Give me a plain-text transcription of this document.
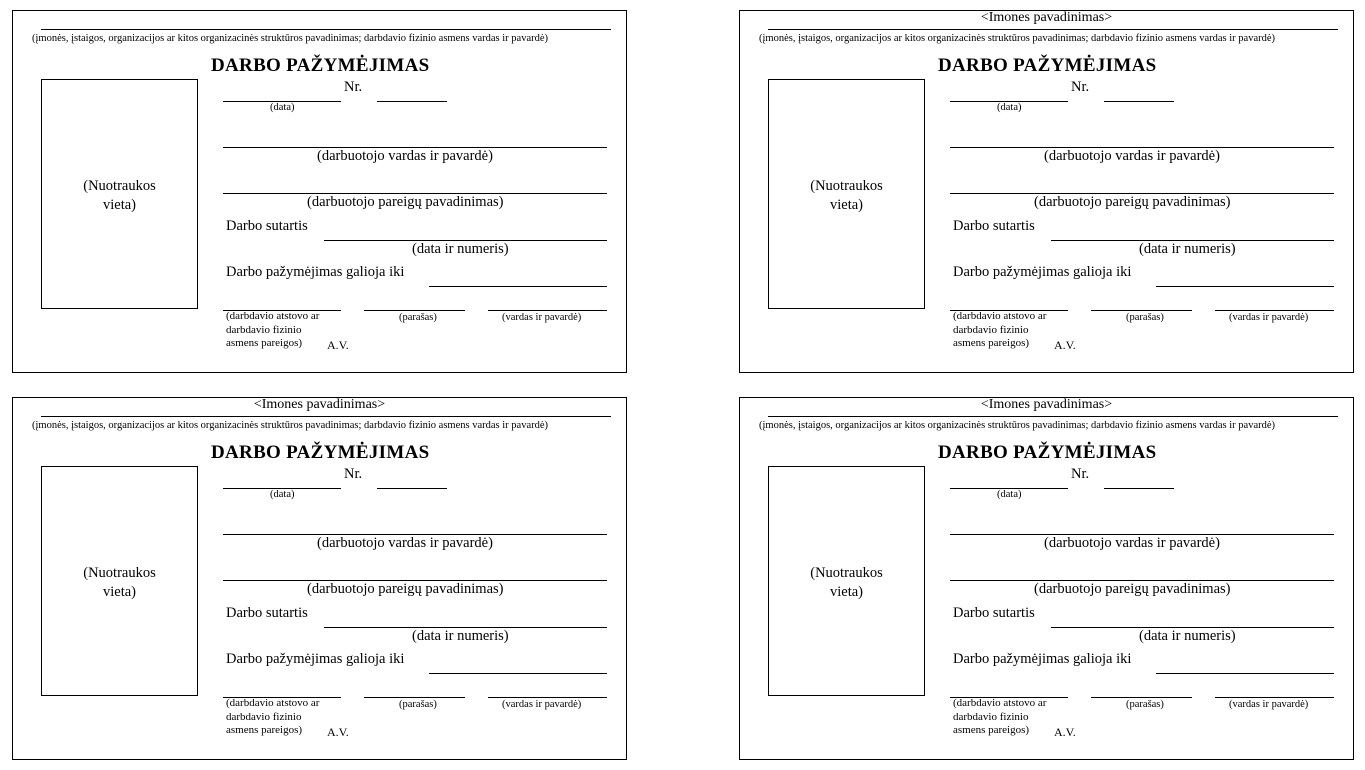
(įmonės, įstaigos, organizacijos ar kitos organizacinės struktūros pavadinimas; darbdavio fizinio asmens vardas ir pavardė)
DARBO PAŽYMĖJIMAS
(Nuotraukos
vieta)
Nr.
(data)
(darbuotojo vardas ir pavardė)
(darbuotojo pareigų pavadinimas)
Darbo sutartis
(data ir numeris)
Darbo pažymėjimas galioja iki
(darbdavio atstovo ar
darbdavio fizinio
asmens pareigos)
(parašas)	(vardas ir pavardė)
A.V.
<Imones pavadinimas>
(įmonės, įstaigos, organizacijos ar kitos organizacinės struktūros pavadinimas; darbdavio fizinio asmens vardas ir pavardė)
DARBO PAŽYMĖJIMAS
(Nuotraukos
vieta)
Nr.
(data)
(darbuotojo vardas ir pavardė)
(darbuotojo pareigų pavadinimas)
Darbo sutartis
(data ir numeris)
Darbo pažymėjimas galioja iki
(darbdavio atstovo ar
darbdavio fizinio
asmens pareigos)
(parašas)	(vardas ir pavardė)
A.V.
<Imones pavadinimas>
(įmonės, įstaigos, organizacijos ar kitos organizacinės struktūros pavadinimas; darbdavio fizinio asmens vardas ir pavardė)
DARBO PAŽYMĖJIMAS
(Nuotraukos
vieta)
Nr.
(data)
(darbuotojo vardas ir pavardė)
(darbuotojo pareigų pavadinimas)
Darbo sutartis
(data ir numeris)
Darbo pažymėjimas galioja iki
(darbdavio atstovo ar
darbdavio fizinio
asmens pareigos)
(parašas)	(vardas ir pavardė)
A.V.
<Imones pavadinimas>
(įmonės, įstaigos, organizacijos ar kitos organizacinės struktūros pavadinimas; darbdavio fizinio asmens vardas ir pavardė)
DARBO PAŽYMĖJIMAS
(Nuotraukos
vieta)
Nr.
(data)
(darbuotojo vardas ir pavardė)
(darbuotojo pareigų pavadinimas)
Darbo sutartis
(data ir numeris)
Darbo pažymėjimas galioja iki
(darbdavio atstovo ar
darbdavio fizinio
asmens pareigos)
(parašas)	(vardas ir pavardė)
A.V.
